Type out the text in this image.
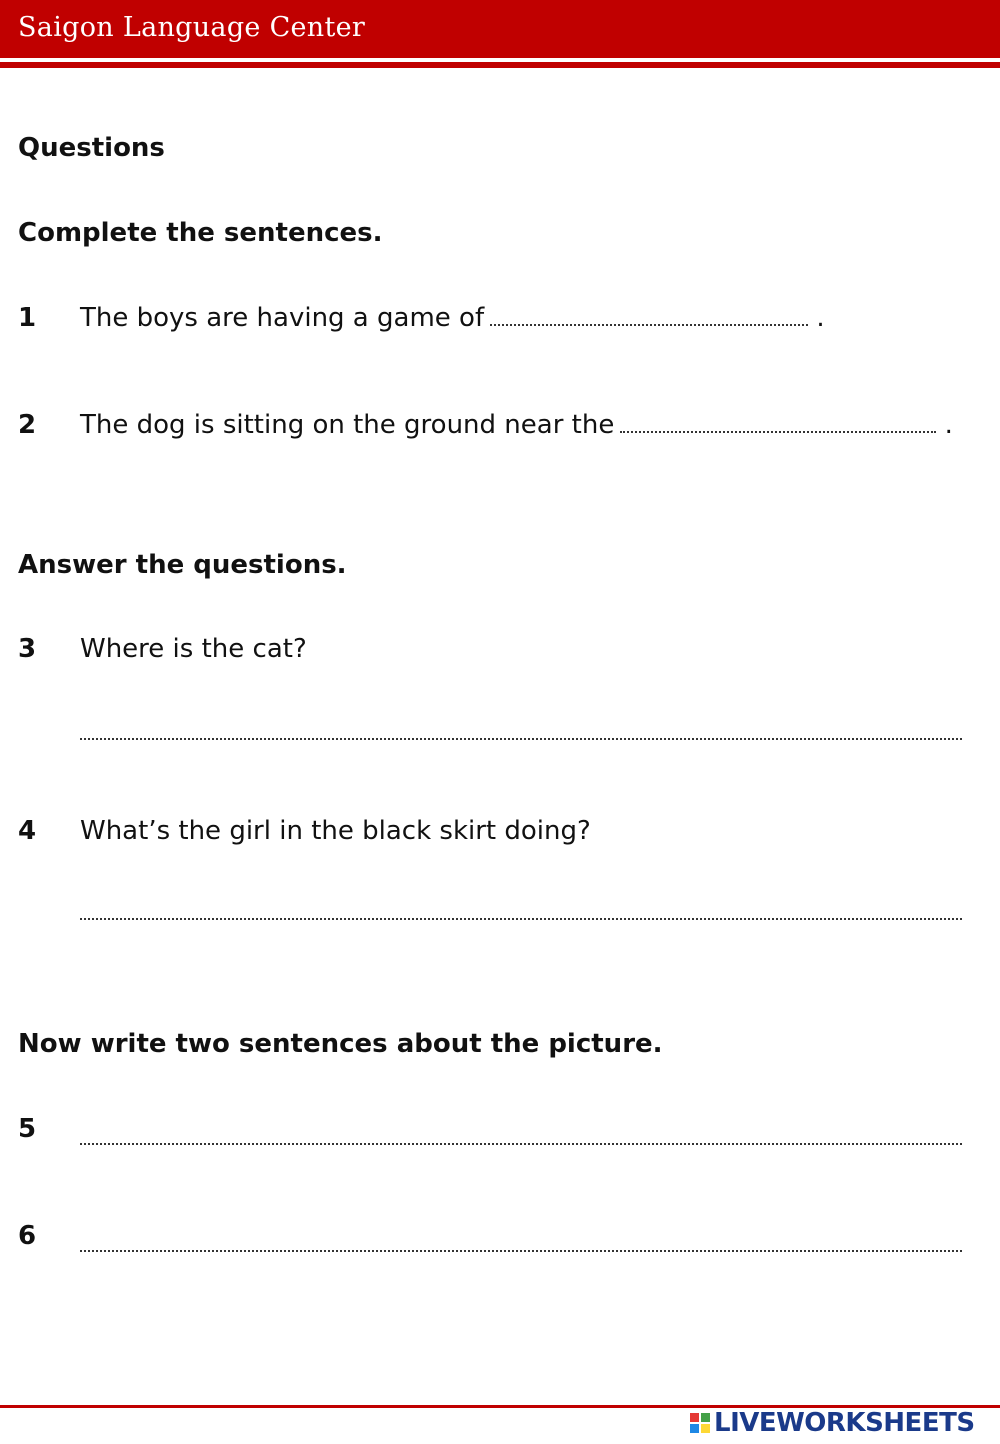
Saigon Language Center
Questions
Complete the sentences.
1 The boys are having a game of	.
2 The dog is sitting on the ground near the	.
Answer the questions.
3 Where is the cat?
4 What’s the girl in the black skirt doing?
Now write two sentences about the picture.
5
6
LIVEWORKSHEETS
